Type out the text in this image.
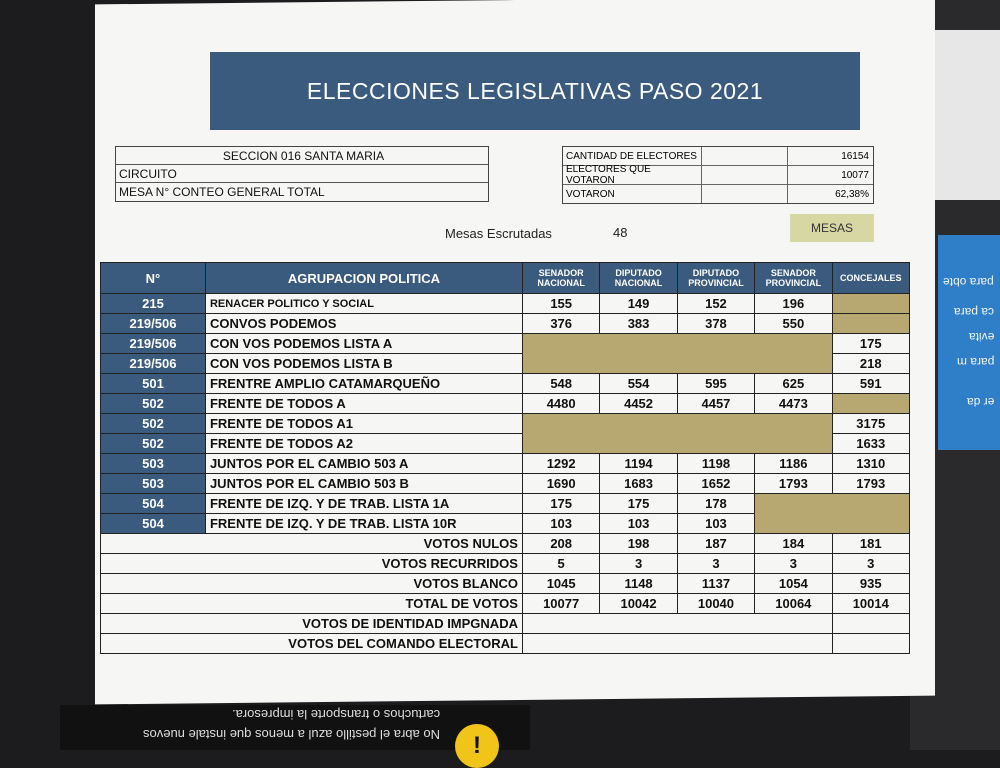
para obte
ca para
evita
para m
er da
ELECCIONES LEGISLATIVAS PASO 2021
SECCION 016 SANTA MARIA
CIRCUITO
MESA N° CONTEO GENERAL TOTAL
CANTIDAD DE ELECTORES	16154
ELECTORES QUE VOTARON	10077
VOTARON	62,38%
Mesas Escrutadas	48	MESAS
N°	AGRUPACION POLITICA	SENADOR NACIONAL	DIPUTADO NACIONAL	DIPUTADO PROVINCIAL	SENADOR PROVINCIAL	CONCEJALES
215	RENACER POLITICO Y SOCIAL	155	149	152	196	
219/506	CONVOS PODEMOS	376	383	378	550	
219/506	CON VOS PODEMOS LISTA A					175
219/506	CON VOS PODEMOS LISTA B					218
501	FRENTRE AMPLIO CATAMARQUEÑO	548	554	595	625	591
502	FRENTE DE TODOS A	4480	4452	4457	4473	
502	FRENTE DE TODOS A1					3175
502	FRENTE DE TODOS A2					1633
503	JUNTOS POR EL CAMBIO 503 A	1292	1194	1198	1186	1310
503	JUNTOS POR EL CAMBIO 503 B	1690	1683	1652	1793	1793
504	FRENTE DE IZQ. Y DE TRAB. LISTA 1A	175	175	178		
504	FRENTE DE IZQ. Y DE TRAB. LISTA 10R	103	103	103		
VOTOS NULOS		208	198	187	184	181
VOTOS RECURRIDOS		5	3	3	3	3
VOTOS BLANCO		1045	1148	1137	1054	935
TOTAL DE VOTOS		10077	10042	10040	10064	10014
VOTOS DE IDENTIDAD IMPGNADA						
VOTOS DEL COMANDO ELECTORAL						
No abra el pestillo azul a menos que instale nuevos
cartuchos o transporte la impresora.
!
